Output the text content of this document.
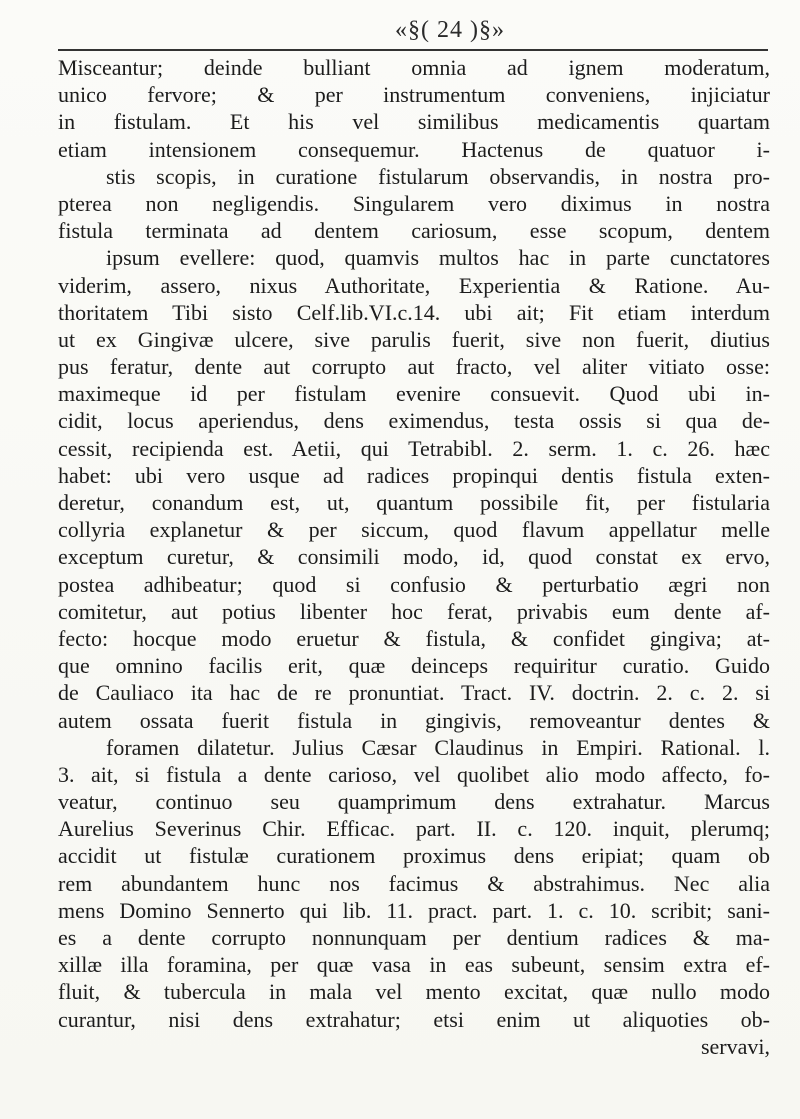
«§( 24 )§»
Misceantur; deinde bulliant omnia ad ignem moderatum,
unico fervore; & per instrumentum conveniens, injiciatur
in fistulam. Et his vel similibus medicamentis quartam
etiam intensionem consequemur. Hactenus de quatuor i-
stis scopis, in curatione fistularum observandis, in nostra pro-
pterea non negligendis. Singularem vero diximus in nostra
fistula terminata ad dentem cariosum, esse scopum, dentem
ipsum evellere: quod, quamvis multos hac in parte cunctatores
viderim, assero, nixus Authoritate, Experientia & Ratione. Au-
thoritatem Tibi sisto Celf.lib.VI.c.14. ubi ait; Fit etiam interdum
ut ex Gingivæ ulcere, sive parulis fuerit, sive non fuerit, diutius
pus feratur, dente aut corrupto aut fracto, vel aliter vitiato osse:
maximeque id per fistulam evenire consuevit. Quod ubi in-
cidit, locus aperiendus, dens eximendus, testa ossis si qua de-
cessit, recipienda est. Aetii, qui Tetrabibl. 2. serm. 1. c. 26. hæc
habet: ubi vero usque ad radices propinqui dentis fistula exten-
deretur, conandum est, ut, quantum possibile fit, per fistularia
collyria explanetur & per siccum, quod flavum appellatur melle
exceptum curetur, & consimili modo, id, quod constat ex ervo,
postea adhibeatur; quod si confusio & perturbatio ægri non
comitetur, aut potius libenter hoc ferat, privabis eum dente af-
fecto: hocque modo eruetur & fistula, & confidet gingiva; at-
que omnino facilis erit, quæ deinceps requiritur curatio. Guido
de Cauliaco ita hac de re pronuntiat. Tract. IV. doctrin. 2. c. 2. si
autem ossata fuerit fistula in gingivis, removeantur dentes &
foramen dilatetur. Julius Cæsar Claudinus in Empiri. Rational. l.
3. ait, si fistula a dente carioso, vel quolibet alio modo affecto, fo-
veatur, continuo seu quamprimum dens extrahatur. Marcus
Aurelius Severinus Chir. Efficac. part. II. c. 120. inquit, plerumq;
accidit ut fistulæ curationem proximus dens eripiat; quam ob
rem abundantem hunc nos facimus & abstrahimus. Nec alia
mens Domino Sennerto qui lib. 11. pract. part. 1. c. 10. scribit; sani-
es a dente corrupto nonnunquam per dentium radices & ma-
xillæ illa foramina, per quæ vasa in eas subeunt, sensim extra ef-
fluit, & tubercula in mala vel mento excitat, quæ nullo modo
curantur, nisi dens extrahatur; etsi enim ut aliquoties ob-
servavi,
